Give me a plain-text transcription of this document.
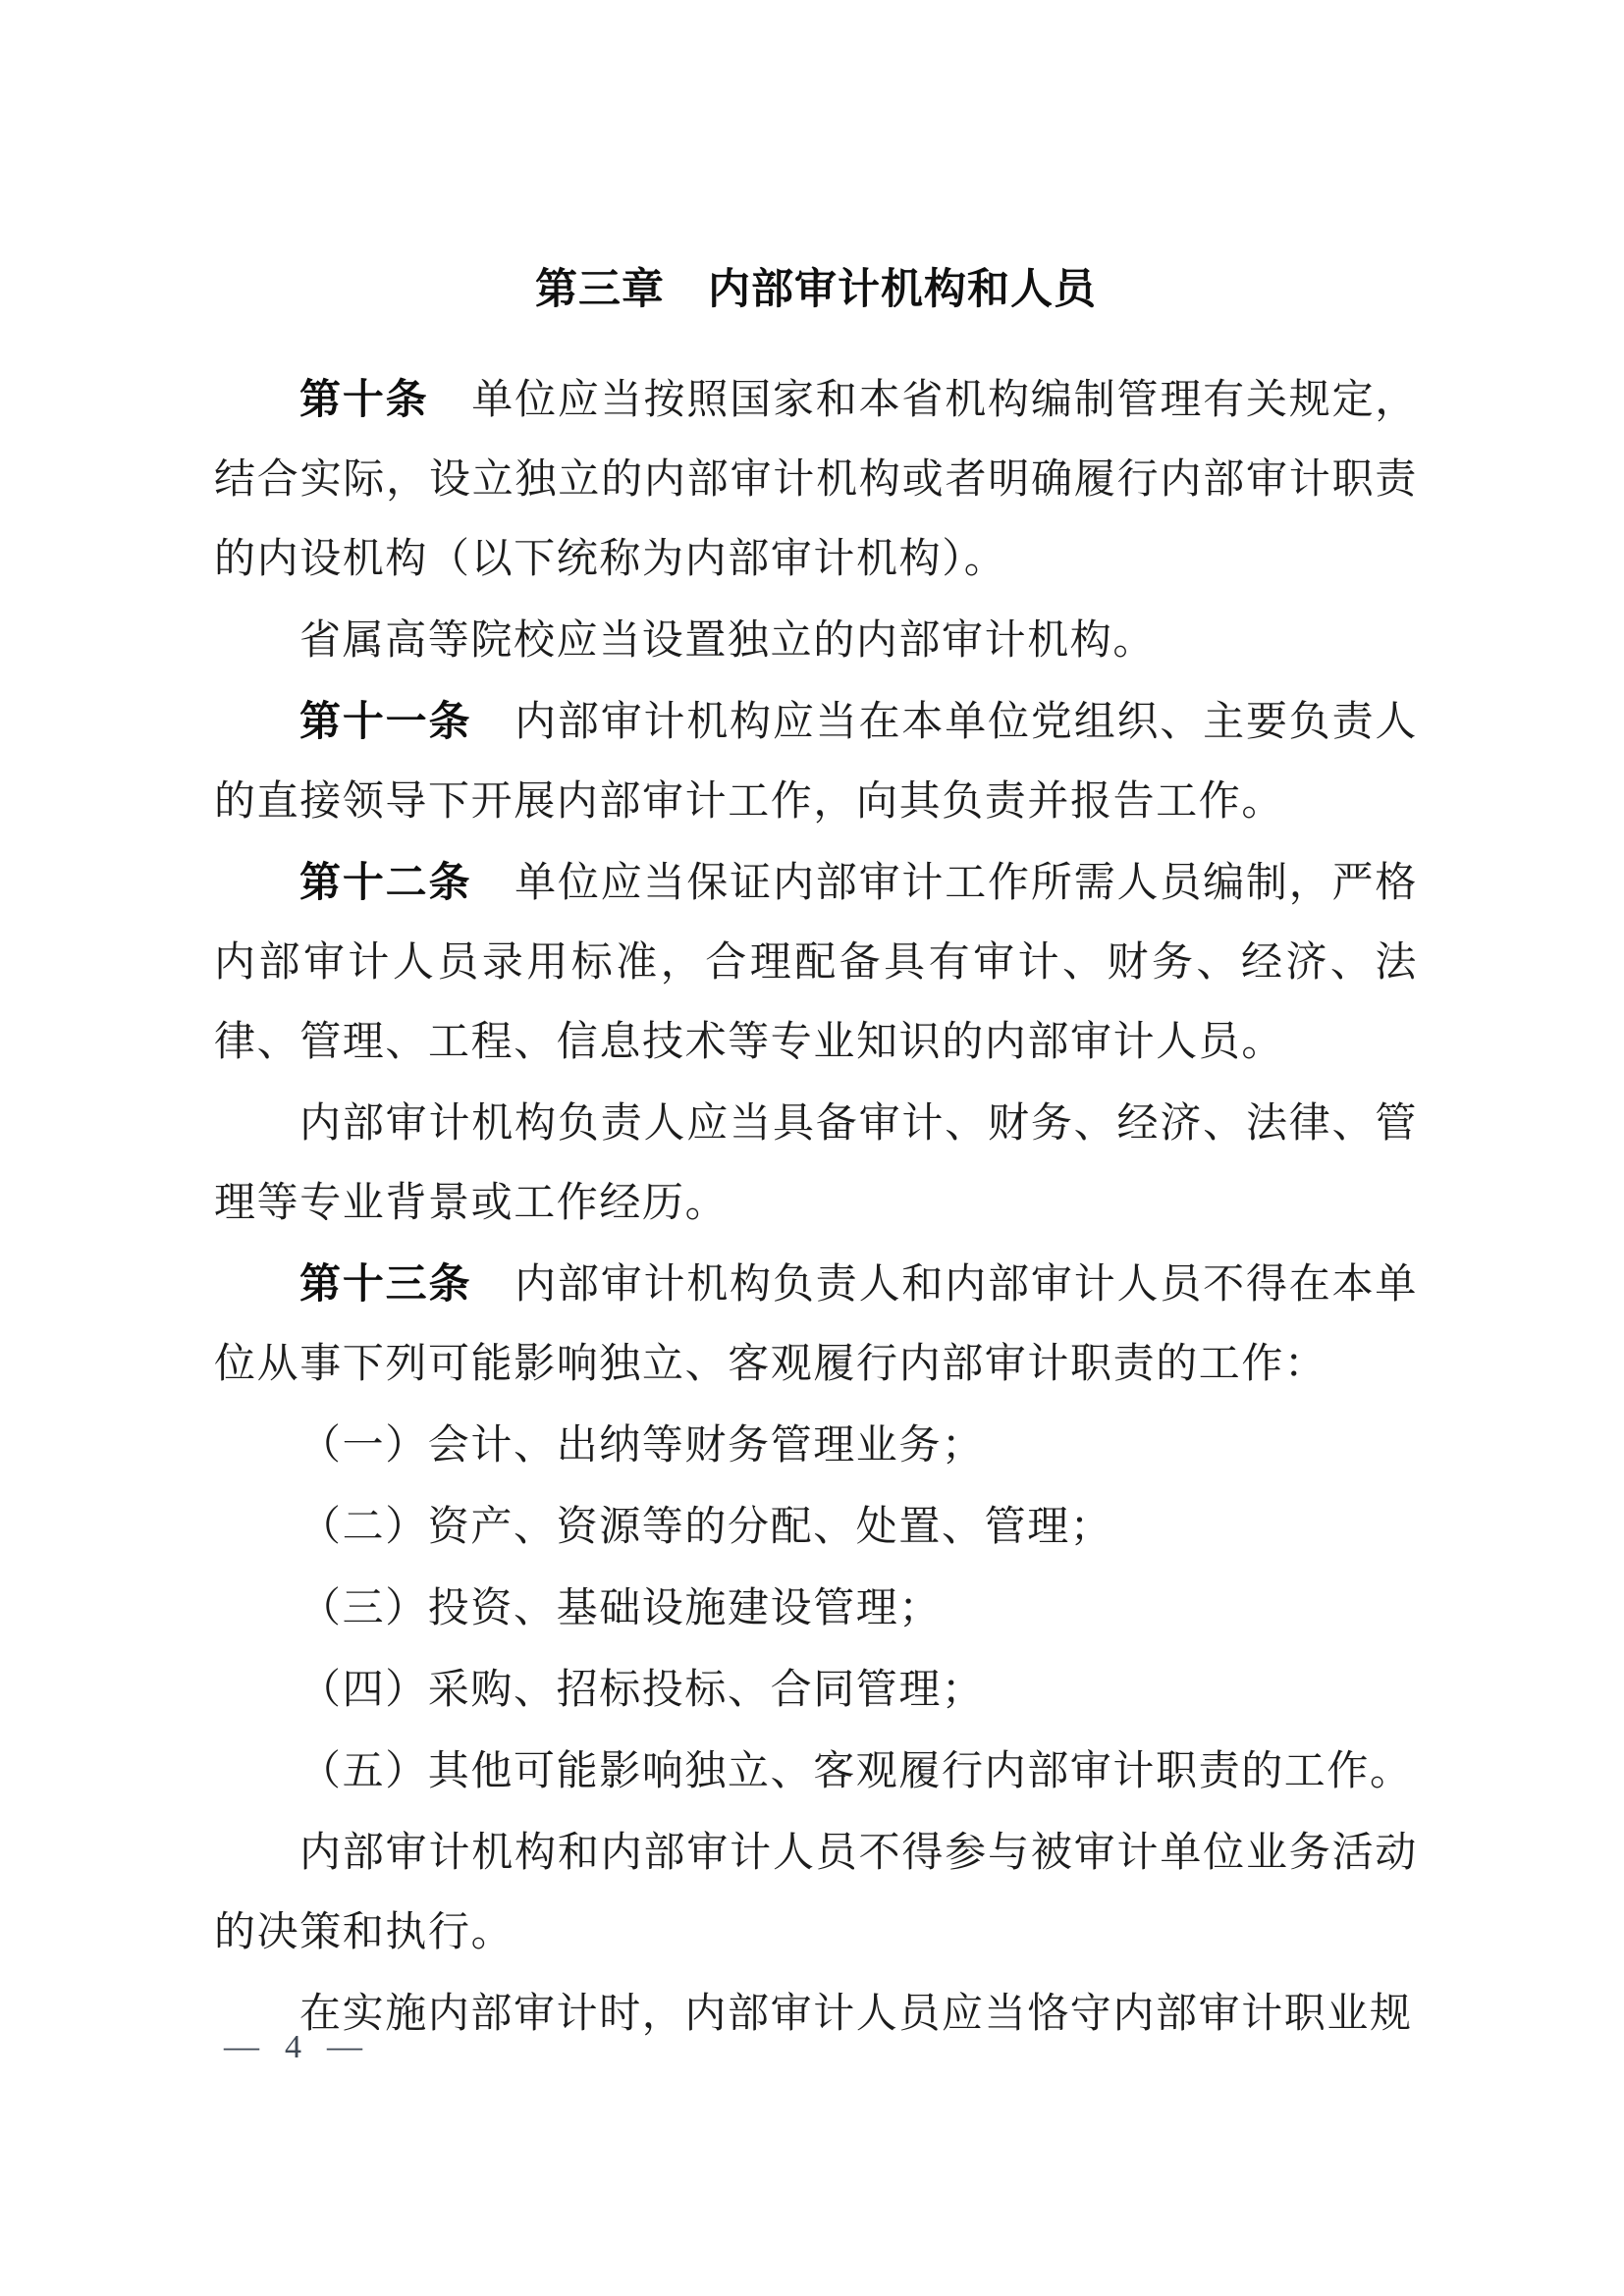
第三章　内部审计机构和人员
第十条 单位应当按照国家和本省机构编制管理有关规定，结合实际，设立独立的内部审计机构或者明确履行内部审计职责的内设机构（以下统称为内部审计机构）。
省属高等院校应当设置独立的内部审计机构。
第十一条 内部审计机构应当在本单位党组织、主要负责人的直接领导下开展内部审计工作，向其负责并报告工作。
第十二条 单位应当保证内部审计工作所需人员编制，严格内部审计人员录用标准，合理配备具有审计、财务、经济、法律、管理、工程、信息技术等专业知识的内部审计人员。
内部审计机构负责人应当具备审计、财务、经济、法律、管理等专业背景或工作经历。
第十三条 内部审计机构负责人和内部审计人员不得在本单位从事下列可能影响独立、客观履行内部审计职责的工作：
（一）会计、出纳等财务管理业务；
（二）资产、资源等的分配、处置、管理；
（三）投资、基础设施建设管理；
（四）采购、招标投标、合同管理；
（五）其他可能影响独立、客观履行内部审计职责的工作。
内部审计机构和内部审计人员不得参与被审计单位业务活动的决策和执行。
在实施内部审计时，内部审计人员应当恪守内部审计职业规
— 4 —
